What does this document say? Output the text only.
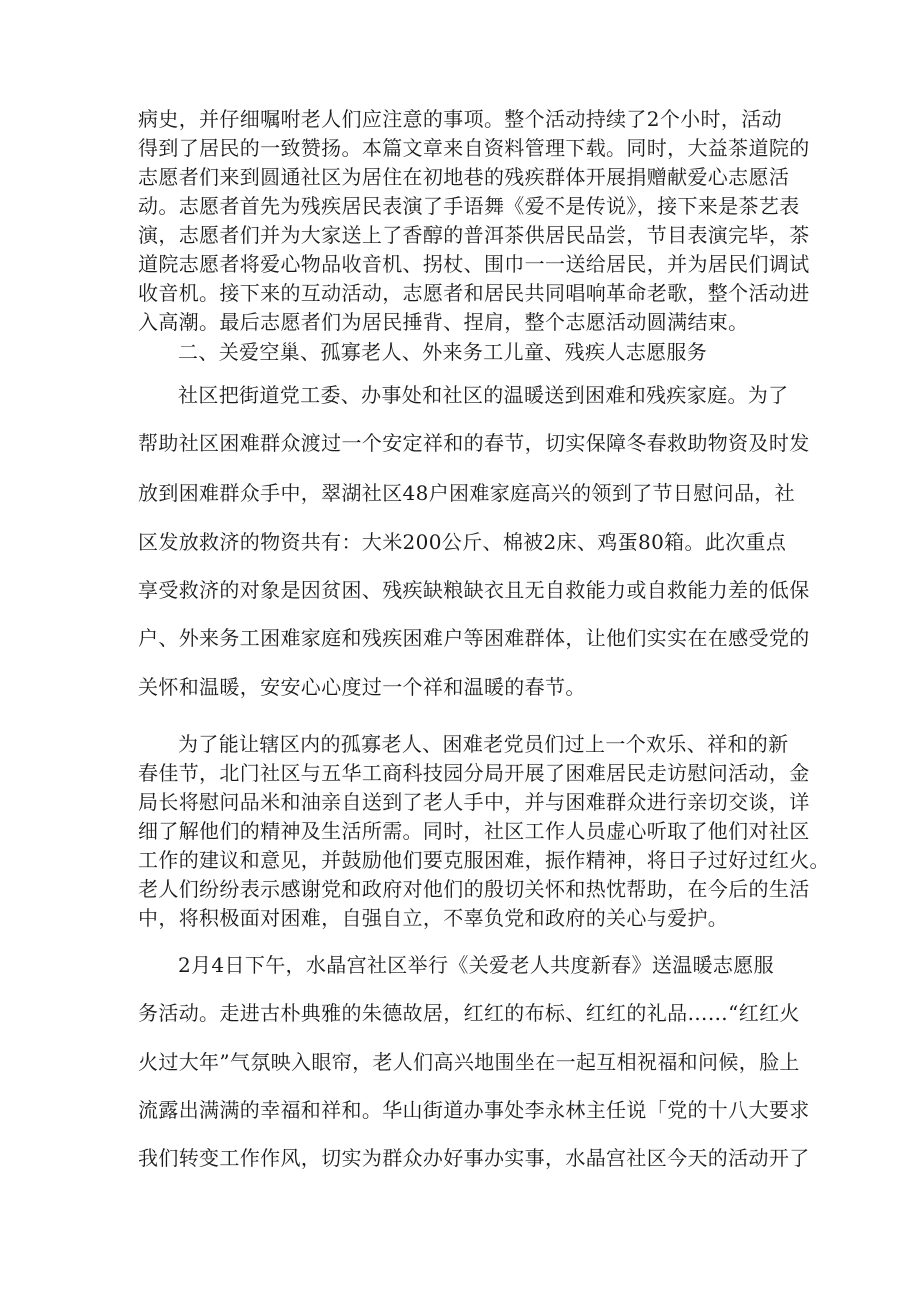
病史，并仔细嘱咐老人们应注意的事项。整个活动持续了2个小时，活动
得到了居民的一致赞扬。本篇文章来自资料管理下载。同时，大益茶道院的
志愿者们来到圆通社区为居住在初地巷的残疾群体开展捐赠献爱心志愿活
动。志愿者首先为残疾居民表演了手语舞《爱不是传说》，接下来是茶艺表
演，志愿者们并为大家送上了香醇的普洱茶供居民品尝，节目表演完毕，茶
道院志愿者将爱心物品收音机、拐杖、围巾一一送给居民，并为居民们调试
收音机。接下来的互动活动，志愿者和居民共同唱响革命老歌，整个活动进
入高潮。最后志愿者们为居民捶背、捏肩，整个志愿活动圆满结束。
二、关爱空巢、孤寡老人、外来务工儿童、残疾人志愿服务
社区把街道党工委、办事处和社区的温暖送到困难和残疾家庭。为了
帮助社区困难群众渡过一个安定祥和的春节，切实保障冬春救助物资及时发
放到困难群众手中，翠湖社区48户困难家庭高兴的领到了节日慰问品，社
区发放救济的物资共有：大米200公斤、棉被2床、鸡蛋80箱。此次重点
享受救济的对象是因贫困、残疾缺粮缺衣且无自救能力或自救能力差的低保
户、外来务工困难家庭和残疾困难户等困难群体，让他们实实在在感受党的
关怀和温暖，安安心心度过一个祥和温暖的春节。
为了能让辖区内的孤寡老人、困难老党员们过上一个欢乐、祥和的新
春佳节，北门社区与五华工商科技园分局开展了困难居民走访慰问活动，金
局长将慰问品米和油亲自送到了老人手中，并与困难群众进行亲切交谈，详
细了解他们的精神及生活所需。同时，社区工作人员虚心听取了他们对社区
工作的建议和意见，并鼓励他们要克服困难，振作精神，将日子过好过红火。
老人们纷纷表示感谢党和政府对他们的殷切关怀和热忱帮助，在今后的生活
中，将积极面对困难，自强自立，不辜负党和政府的关心与爱护。
2月4日下午，水晶宫社区举行《关爱老人共度新春》送温暖志愿服
务活动。走进古朴典雅的朱德故居，红红的布标、红红的礼品……“红红火
火过大年”气氛映入眼帘，老人们高兴地围坐在一起互相祝福和问候，脸上
流露出满满的幸福和祥和。华山街道办事处李永林主任说「党的十八大要求
我们转变工作作风，切实为群众办好事办实事，水晶宫社区今天的活动开了
